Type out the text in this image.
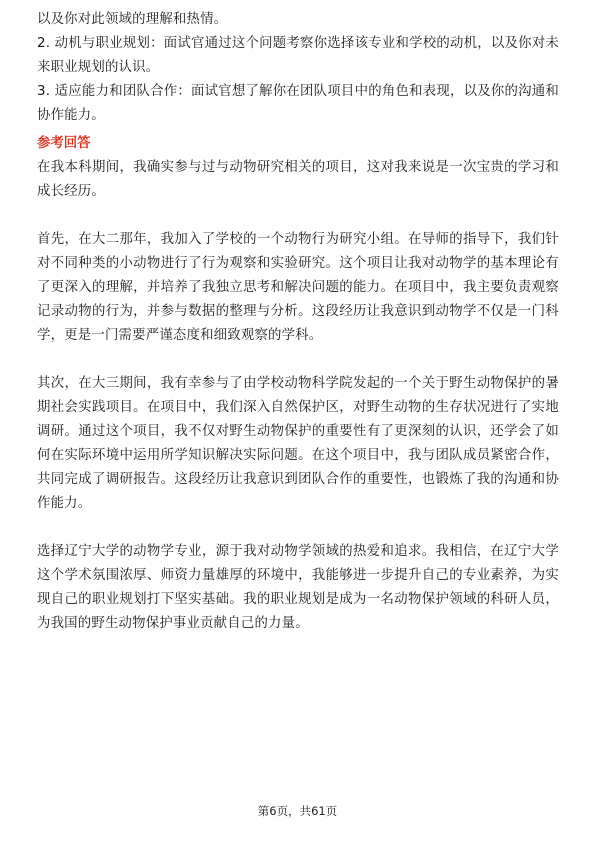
以及你对此领域的理解和热情。

2. 动机与职业规划：面试官通过这个问题考察你选择该专业和学校的动机，以及你对未来职业规划的认识。

3. 适应能力和团队合作：面试官想了解你在团队项目中的角色和表现，以及你的沟通和协作能力。

参考回答

在我本科期间，我确实参与过与动物研究相关的项目，这对我来说是一次宝贵的学习和成长经历。

首先，在大二那年，我加入了学校的一个动物行为研究小组。在导师的指导下，我们针对不同种类的小动物进行了行为观察和实验研究。这个项目让我对动物学的基本理论有了更深入的理解，并培养了我独立思考和解决问题的能力。在项目中，我主要负责观察记录动物的行为，并参与数据的整理与分析。这段经历让我意识到动物学不仅是一门科学，更是一门需要严谨态度和细致观察的学科。

其次，在大三期间，我有幸参与了由学校动物科学院发起的一个关于野生动物保护的暑期社会实践项目。在项目中，我们深入自然保护区，对野生动物的生存状况进行了实地调研。通过这个项目，我不仅对野生动物保护的重要性有了更深刻的认识，还学会了如何在实际环境中运用所学知识解决实际问题。在这个项目中，我与团队成员紧密合作，共同完成了调研报告。这段经历让我意识到团队合作的重要性，也锻炼了我的沟通和协作能力。

选择辽宁大学的动物学专业，源于我对动物学领域的热爱和追求。我相信，在辽宁大学这个学术氛围浓厚、师资力量雄厚的环境中，我能够进一步提升自己的专业素养，为实现自己的职业规划打下坚实基础。我的职业规划是成为一名动物保护领域的科研人员，为我国的野生动物保护事业贡献自己的力量。

第6页，共61页
